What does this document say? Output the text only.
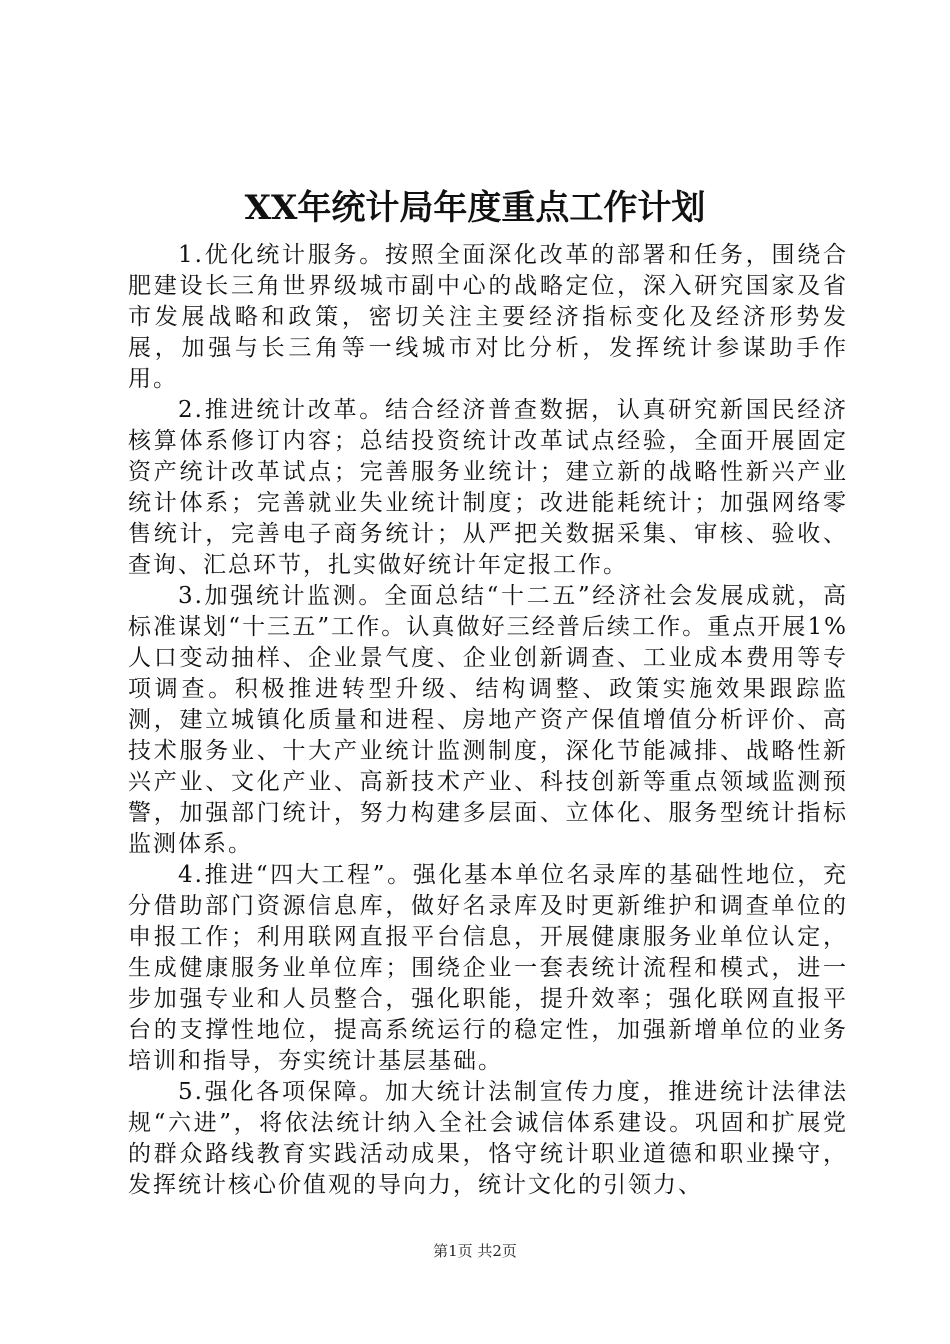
XX年统计局年度重点工作计划

1.优化统计服务。按照全面深化改革的部署和任务，围绕合肥建设长三角世界级城市副中心的战略定位，深入研究国家及省市发展战略和政策，密切关注主要经济指标变化及经济形势发展，加强与长三角等一线城市对比分析，发挥统计参谋助手作用。

2.推进统计改革。结合经济普查数据，认真研究新国民经济核算体系修订内容；总结投资统计改革试点经验，全面开展固定资产统计改革试点；完善服务业统计；建立新的战略性新兴产业统计体系；完善就业失业统计制度；改进能耗统计；加强网络零售统计，完善电子商务统计；从严把关数据采集、审核、验收、查询、汇总环节，扎实做好统计年定报工作。

3.加强统计监测。全面总结“十二五”经济社会发展成就，高标准谋划“十三五”工作。认真做好三经普后续工作。重点开展1%人口变动抽样、企业景气度、企业创新调查、工业成本费用等专项调查。积极推进转型升级、结构调整、政策实施效果跟踪监测，建立城镇化质量和进程、房地产资产保值增值分析评价、高技术服务业、十大产业统计监测制度，深化节能减排、战略性新兴产业、文化产业、高新技术产业、科技创新等重点领域监测预警，加强部门统计，努力构建多层面、立体化、服务型统计指标监测体系。

4.推进“四大工程”。强化基本单位名录库的基础性地位，充分借助部门资源信息库，做好名录库及时更新维护和调查单位的申报工作；利用联网直报平台信息，开展健康服务业单位认定，生成健康服务业单位库；围绕企业一套表统计流程和模式，进一步加强专业和人员整合，强化职能，提升效率；强化联网直报平台的支撑性地位，提高系统运行的稳定性，加强新增单位的业务培训和指导，夯实统计基层基础。

5.强化各项保障。加大统计法制宣传力度，推进统计法律法规“六进”，将依法统计纳入全社会诚信体系建设。巩固和扩展党的群众路线教育实践活动成果，恪守统计职业道德和职业操守，发挥统计核心价值观的导向力，统计文化的引领力、

第1页 共2页
